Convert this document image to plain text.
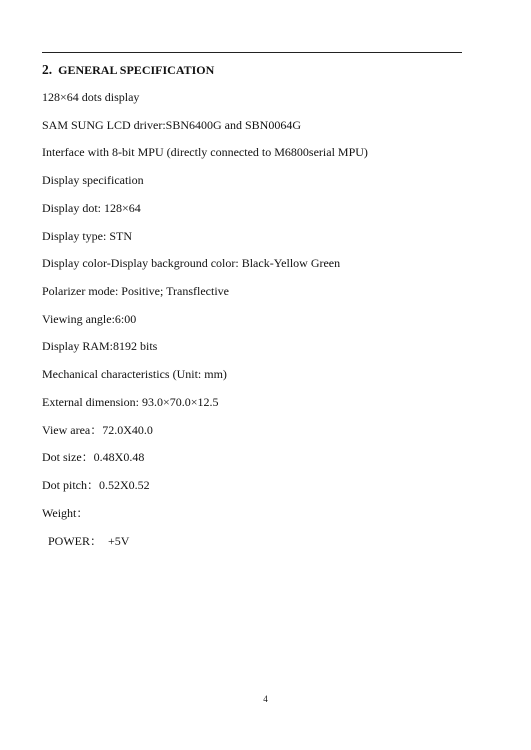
2. GENERAL SPECIFICATION
128×64 dots display
SAM SUNG LCD driver:SBN6400G and SBN0064G
Interface with 8-bit MPU (directly connected to M6800serial MPU)
Display specification
Display dot: 128×64
Display type: STN
Display color-Display background color: Black-Yellow Green
Polarizer mode: Positive; Transflective
Viewing angle:6:00
Display RAM:8192 bits
Mechanical characteristics (Unit: mm)
External dimension: 93.0×70.0×12.5
View area：72.0X40.0
Dot size：0.48X0.48
Dot pitch：0.52X0.52
Weight：
POWER：  +5V
4
